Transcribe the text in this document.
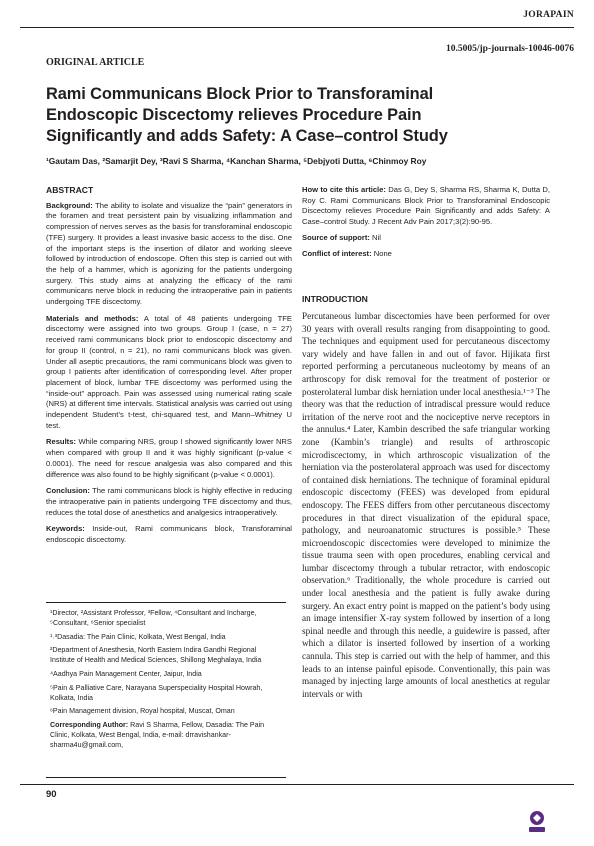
JORAPAIN
10.5005/jp-journals-10046-0076
ORIGINAL ARTICLE
Rami Communicans Block Prior to Transforaminal
Endoscopic Discectomy relieves Procedure Pain
Significantly and adds Safety: A Case–control Study
¹Gautam Das, ²Samarjit Dey, ³Ravi S Sharma, ⁴Kanchan Sharma, ⁵Debjyoti Dutta, ⁶Chinmoy Roy
ABSTRACT

Background: The ability to isolate and visualize the “pain” generators in the foramen and treat persistent pain by visualizing inflammation and compression of nerves serves as the basis for transforaminal endoscopic (TFE) surgery. It provides a least invasive basic access to the disc. One of the important steps is the insertion of dilator and working sleeve followed by introduction of endoscope. Often this step is carried out with the help of a hammer, which is agonizing for the patients undergoing surgery. This study aims at analyzing the efficacy of the rami communicans nerve block in reducing the intraoperative pain in patients undergoing TFE discectomy.

Materials and methods: A total of 48 patients undergoing TFE discectomy were assigned into two groups. Group I (case, n = 27) received rami communicans block prior to endoscopic discectomy and for group II (control, n = 21), no rami communicans block was given. Under all aseptic precautions, the rami communicans block was given to group I patients after identification of corresponding level. After proper placement of block, lumbar TFE discectomy was performed using the “inside-out” approach. Pain was assessed using numerical rating scale (NRS) at different time intervals. Statistical analysis was carried out using independent Student’s t-test, chi-squared test, and Mann–Whitney U test.

Results: While comparing NRS, group I showed significantly lower NRS when compared with group II and it was highly significant (p-value < 0.0001). The need for rescue analgesia was also compared and this difference was also found to be highly significant (p-value < 0.0001).

Conclusion: The rami communicans block is highly effective in reducing the intraoperative pain in patients undergoing TFE discectomy and thus, reduces the total dose of anesthetics and analgesics intraoperatively.

Keywords: Inside-out, Rami communicans block, Transforaminal endoscopic discectomy.

¹Director, ²Assistant Professor, ³Fellow, ⁴Consultant and Incharge, ⁵Consultant, ⁶Senior specialist

¹˒³Dasadia: The Pain Clinic, Kolkata, West Bengal, India

²Department of Anesthesia, North Eastern Indira Gandhi Regional Institute of Health and Medical Sciences, Shillong Meghalaya, India

⁴Aadhya Pain Management Center, Jaipur, India

⁵Pain & Palliative Care, Narayana Superspeciality Hospital Howrah, Kolkata, India

⁶Pain Management division, Royal hospital, Muscat, Oman

Corresponding Author: Ravi S Sharma, Fellow, Dasadia: The Pain Clinic, Kolkata, West Bengal, India, e-mail: drravishankar-sharma4u@gmail.com,

How to cite this article: Das G, Dey S, Sharma RS, Sharma K, Dutta D, Roy C. Rami Communicans Block Prior to Transforaminal Endoscopic Discectomy relieves Procedure Pain Significantly and adds Safety: A Case–control Study. J Recent Adv Pain 2017;3(2):90-95.

Source of support: Nil

Conflict of interest: None

INTRODUCTION

Percutaneous lumbar discectomies have been performed for over 30 years with overall results ranging from disappointing to good. The techniques and equipment used for percutaneous discectomy vary widely and have fallen in and out of favor. Hijikata first reported performing a percutaneous nucleotomy by means of an arthroscopy for disk removal for the treatment of posterior or posterolateral lumbar disk herniation under local anesthesia.¹⁻³ The theory was that the reduction of intradiscal pressure would reduce irritation of the nerve root and the nociceptive nerve receptors in the annulus.⁴ Later, Kambin described the safe triangular working zone (Kambin’s triangle) and results of arthroscopic microdiscectomy, in which arthroscopic visualization of the herniation via the posterolateral approach was used for discectomy of contained disk herniations. The technique of foraminal epidural endoscopic discectomy (FEES) was developed from epidural endoscopy. The FEES differs from other percutaneous discectomy procedures in that direct visualization of the epidural space, pathology, and neuroanatomic structures is possible.⁵ These microendoscopic discectomies were developed to minimize the tissue trauma seen with open procedures, enabling cervical and lumbar discectomy through a tubular retractor, with endoscopic observation.⁶ Traditionally, the whole procedure is carried out under local anesthesia and the patient is fully awake during surgery. An exact entry point is mapped on the patient’s body using an image intensifier X-ray system followed by insertion of a long spinal needle and through this needle, a guidewire is passed, after which a dilator is inserted followed by insertion of a working cannula. This step is carried out with the help of hammer, and this leads to an intense painful episode. Conventionally, this pain was managed by injecting large amounts of local anesthetics at regular intervals or with

90
